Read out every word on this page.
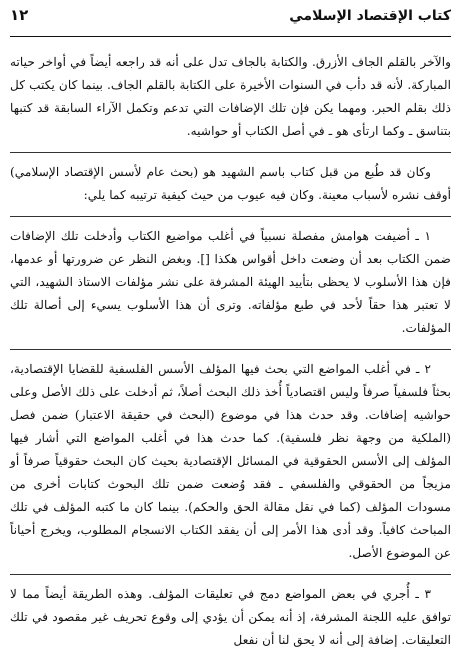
كتاب الإقتصاد الإسلامي
١٢

والآخر بالقلم الجاف الأزرق. والكتابة بالجاف تدل على أنه قد راجعه أيضاً في أواخر حياته المباركة. لأنه قد دأب في السنوات الأخيرة على الكتابة بالقلم الجاف. بينما كان يكتب كل ذلك بقلم الحبر. ومهما يكن فإن تلك الإضافات التي تدعم وتكمل الآراء السابقة قد كتبها بتناسق ـ وكما ارتأى هو ـ في أصل الكتاب أو حواشيه.

وكان قد طُبع من قبل كتاب باسم الشهيد هو (بحث عام لأسس الإقتصاد الإسلامي) أوقف نشره لأسباب معينة. وكان فيه عيوب من حيث كيفية ترتيبه كما يلي:

١ ـ أضيفت هوامش مفصلة نسبياً في أغلب مواضيع الكتاب وأدخلت تلك الإضافات ضمن الكتاب بعد أن وضعت داخل أقواس هكذا []. وبغض النظر عن ضرورتها أو عدمها، فإن هذا الأسلوب لا يحظى بتأييد الهيئة المشرفة على نشر مؤلفات الاستاذ الشهيد، التي لا تعتبر هذا حقاً لأحد في طبع مؤلفاته. وترى أن هذا الأسلوب يسيء إلى أصالة تلك المؤلفات.

٢ ـ في أغلب المواضع التي بحث فيها المؤلف الأسس الفلسفية للقضايا الإقتصادية، بحثاً فلسفياً صرفاً وليس اقتصادياً أُخذ ذلك البحث أصلاً، ثم أدخلت على ذلك الأصل وعلى حواشيه إضافات. وقد حدث هذا في موضوع (البحث في حقيقة الاعتبار) ضمن فصل (الملكية من وجهة نظر فلسفية). كما حدث هذا في أغلب المواضع التي أشار فيها المؤلف إلى الأسس الحقوقية في المسائل الإقتصادية بحيث كان البحث حقوقياً صرفاً أو مزيجاً من الحقوقي والفلسفي ـ فقد وُضعت ضمن تلك البحوث كتابات أخرى من مسودات المؤلف (كما في نقل مقالة الحق والحكم). بينما كان ما كتبه المؤلف في تلك المباحث كافياً. وقد أدى هذا الأمر إلى أن يفقد الكتاب الانسجام المطلوب، ويخرج أحياناً عن الموضوع الأصل.

٣ ـ أُجري في بعض المواضع دمج في تعليقات المؤلف. وهذه الطريقة أيضاً مما لا توافق عليه اللجنة المشرفة، إذ أنه يمكن أن يؤدي إلى وقوع تحريف غير مقصود في تلك التعليقات. إضافة إلى أنه لا يحق لنا أن نفعل
